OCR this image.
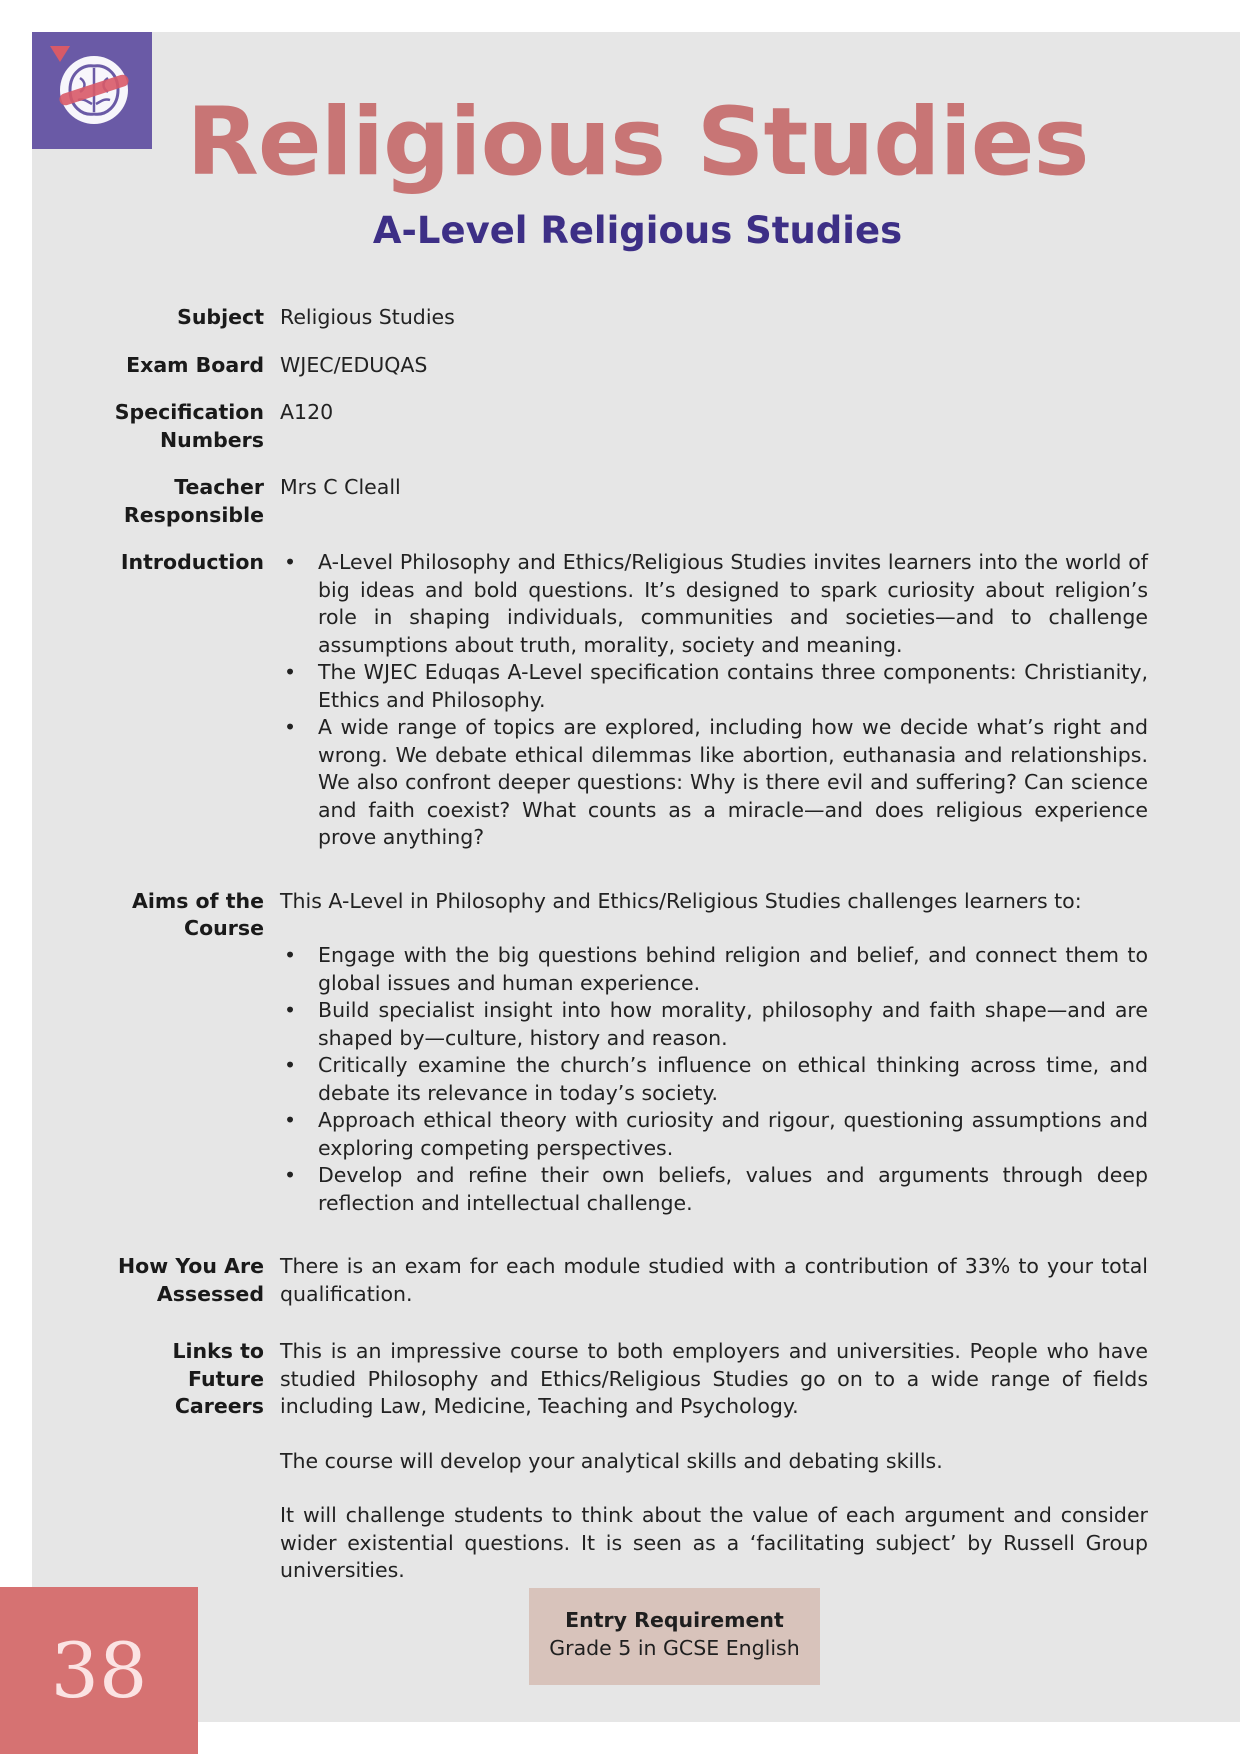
Religious Studies
A-Level Religious Studies
Subject Religious Studies
Exam Board WJEC/EDUQAS
Specification Numbers
A120
Teacher Responsible
Mrs C Cleall
Introduction
•	A-Level Philosophy and Ethics/Religious Studies invites learners into the world of big ideas and bold questions. It’s designed to spark curiosity about religion’s role in shaping individuals, communities and societies—and to challenge assumptions about truth, morality, society and meaning.
• The WJEC Eduqas A-Level specification contains three components: Christianity, Ethics and Philosophy.
• A wide range of topics are explored, including how we decide what’s right and wrong. We debate ethical dilemmas like abortion, euthanasia and relationships. We also confront deeper questions: Why is there evil and suffering? Can science and faith coexist? What counts as a miracle—and does religious experience prove anything?
Aims of the Course

This A-Level in Philosophy and Ethics/Religious Studies challenges learners to:

• Engage with the big questions behind religion and belief, and connect them to global issues and human experience.
• Build specialist insight into how morality, philosophy and faith shape—and are shaped by—culture, history and reason.
• Critically examine the church’s influence on ethical thinking across time, and debate its relevance in today’s society.
• Approach ethical theory with curiosity and rigour, questioning assumptions and exploring competing perspectives.
• Develop and refine their own beliefs, values and arguments through deep reflection and intellectual challenge.
How You Are Assessed
There is an exam for each module studied with a contribution of 33% to your total qualification.
Links to Future Careers

This is an impressive course to both employers and universities. People who have studied Philosophy and Ethics/Religious Studies go on to a wide range of fields including Law, Medicine, Teaching and Psychology.

The course will develop your analytical skills and debating skills.

It will challenge students to think about the value of each argument and consider wider existential questions. It is seen as a ‘facilitating subject’ by Russell Group universities.

Entry Requirement
Grade 5 in GCSE English
38
